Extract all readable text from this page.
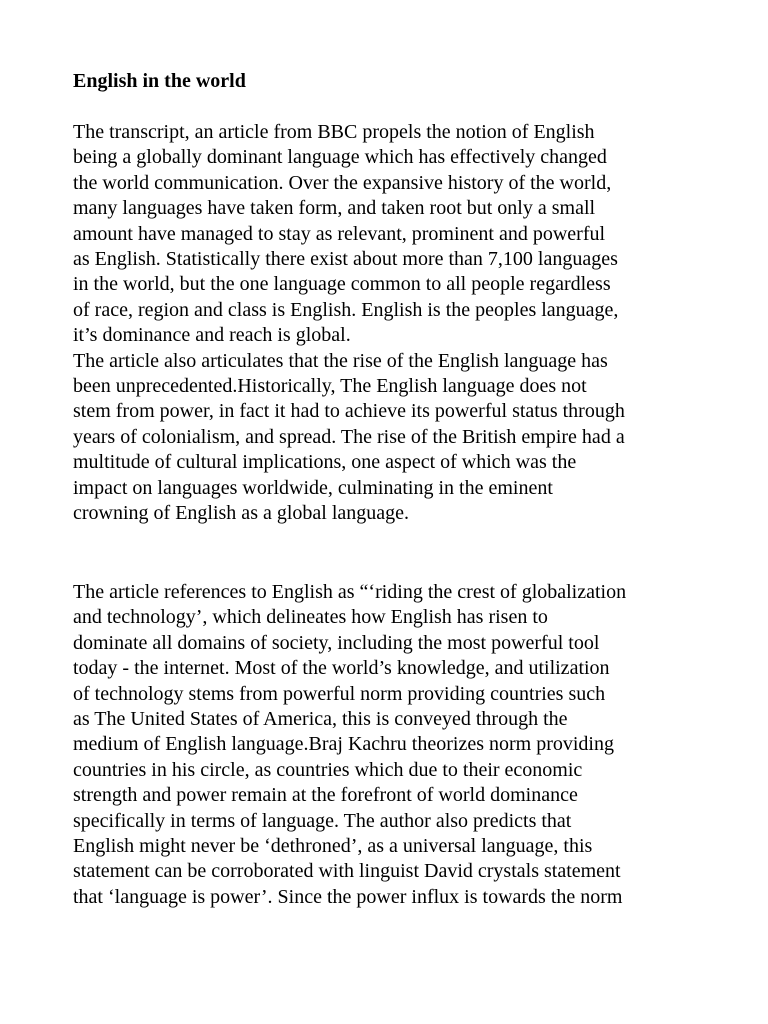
English in the world
The transcript, an article from BBC propels the notion of English
being a globally dominant language which has effectively changed
the world communication. Over the expansive history of the world,
many languages have taken form, and taken root but only a small
amount have managed to stay as relevant, prominent and powerful
as English. Statistically there exist about more than 7,100 languages
in the world, but the one language common to all people regardless
of race, region and class is English. English is the peoples language,
it’s dominance and reach is global.
The article also articulates that the rise of the English language has
been unprecedented.Historically, The English language does not
stem from power, in fact it had to achieve its powerful status through
years of colonialism, and spread. The rise of the British empire had a
multitude of cultural implications, one aspect of which was the
impact on languages worldwide, culminating in the eminent
crowning of English as a global language.
The article references to English as “‘riding the crest of globalization
and technology’, which delineates how English has risen to
dominate all domains of society, including the most powerful tool
today - the internet. Most of the world’s knowledge, and utilization
of technology stems from powerful norm providing countries such
as The United States of America, this is conveyed through the
medium of English language.Braj Kachru theorizes norm providing
countries in his circle, as countries which due to their economic
strength and power remain at the forefront of world dominance
specifically in terms of language. The author also predicts that
English might never be ‘dethroned’, as a universal language, this
statement can be corroborated with linguist David crystals statement
that ‘language is power’. Since the power influx is towards the norm
